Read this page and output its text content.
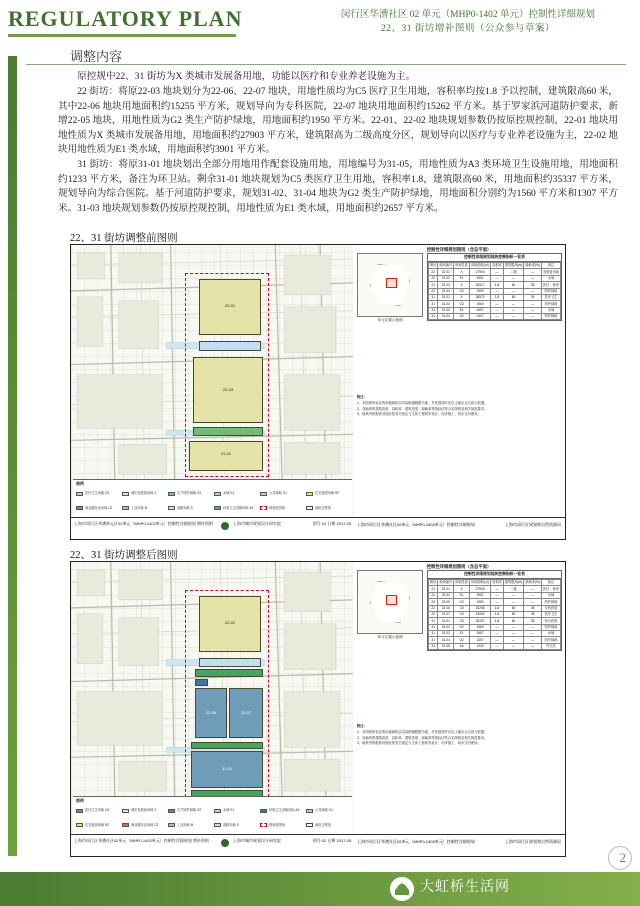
REGULATORY PLAN	闵行区华漕社区 02 单元（MHP0-1402 单元）控制性详细规划
22、31 街坊增补图则（公众参与草案）
调整内容

原控规中22、31 街坊为X 类城市发展备用地，功能以医疗和专业养老设施为主。

22 街坊：将原22-03 地块划分为22-06、22-07 地块，用地性质均为C5 医疗卫生用地，容积率均按1.8 予以控制，建筑限高60 米，其中22-06 地块用地面积约15255 平方米，规划导向为专科医院，22-07 地块用地面积约15262 平方米。基于罗家浜河道防护要求，新增22-05 地块，用地性质为G2 类生产防护绿地，用地面积约1950 平方米。22-01、22-02 地块规划参数仍按原控规控制，22-01 地块用地性质为X 类城市发展备用地，用地面积约27903 平方米，建筑限高为二级高度分区，规划导向以医疗与专业养老设施为主，22-02 地块用地性质为E1 类水域，用地面积约3901 平方米。

31 街坊：将原31-01 地块划出全部分用地用作配套设施用地，用地编号为31-05，用地性质为A3 类环境卫生设施用地，用地面积约1233 平方米，备注为环卫站。剩余31-01 地块规划为C5 类医疗卫生用地，容积率1.8，建筑限高60 米，用地面积约35337 平方米，规划导向为综合医院。基于河道防护要求，规划31-02、31-04 地块为G2 类生产防护绿地，用地面积分别约为1560 平方米和1307 平方米。31-03 地块规划参数仍按原控规控制，用地性质为E1 类水域，用地面积约2657 平方米。

22、31 街坊调整前图则
22-01
22-03
31-01
图例
医疗卫生用地 C5	城市发展备用地 X	生产防护绿地 G2	水域 E1	公共绿地 G1	住宅组团用地 R2
商业服务业用地 C2	工业用地 M	道路用地 S	环境卫生设施用地 A3	规划范围线	地块边界线
上海市闵行区华漕单元区02单元（MHP0-1402单元）控制性详细规划 增补图则	上海市城市规划设计研究院	图号 01 日期 2017.05
控制性详细规划图则（含总平面）
单元位置示意图
控制性详细规划地块控制指标一览表
街坊	地块编号	用地性质	用地面积(㎡)	容积率	建筑限高(m)	绿地率(%)	备注
22	22-01	X	27903	—	二级	—	发展备用地
22	22-02	E1	3901	—	—	—	水域
22	22-03	X	30517	1.8	60	35	医疗、养老
22	22-04	G2	1950	—	—	—	防护绿地
31	31-01	X	36570	1.8	60	35	医疗卫生
31	31-02	G2	1560	—	—	—	防护绿地
31	31-03	E1	2657	—	—	—	水域
31	31-04	G2	1307	—	—	—	防护绿地
附注：

1、本图则所标注的用地面积以实际勘测数据为准，开发建设时应以土地出让合同为依据。

2、各地块的建筑高度、容积率、建筑密度、绿地率等指标应符合本图则及相关规范要求。

3、地块内的配套设施应按有关规定与主体工程同步设计、同步施工、同步交付使用。

上海市闵行区华漕社区02单元（MHP0-1402单元）控制性详细规划	上海市闵行区规划和自然资源局
22、31 街坊调整后图则
22-01
22-06	22-07
31-01
图例
医疗卫生用地 C5	城市发展备用地 X	生产防护绿地 G2	水域 E1	环境卫生设施用地 A3	公共绿地 G1
住宅组团用地 R2	商业服务业用地 C2	工业用地 M	道路用地 S	规划范围线	地块边界线
上海市闵行区华漕社区02单元（MHP0-1402单元）控制性详细规划 增补图则	上海市城市规划设计研究院	图号 02 日期 2017.05
控制性详细规划图则（含总平面）
单元位置示意图
控制性详细规划地块控制指标一览表
街坊	地块编号	用地性质	用地面积(㎡)	容积率	建筑限高(m)	绿地率(%)	备注
22	22-01	X	27903	—	二级	—	医疗、养老
22	22-02	E1	3901	—	—	—	水域
22	22-05	G2	1950	—	—	—	防护绿地
22	22-06	C5	15255	1.8	60	35	专科医院
22	22-07	C5	15262	1.8	60	35	医疗卫生
31	31-01	C5	35337	1.8	60	35	综合医院
31	31-02	G2	1560	—	—	—	防护绿地
31	31-03	E1	2657	—	—	—	水域
31	31-04	G2	1307	—	—	—	防护绿地
31	31-05	A3	1233	—	—	—	环卫站
附注：

1、本图则所标注的用地面积以实际勘测数据为准，开发建设时应以土地出让合同为依据。

2、各地块的建筑高度、容积率、建筑密度、绿地率等指标应符合本图则及相关规范要求。

3、地块内的配套设施应按有关规定与主体工程同步设计、同步施工、同步交付使用。

上海市闵行区华漕社区02单元（MHP0-1402单元）控制性详细规划	上海市闵行区规划和自然资源局
2
大虹桥生活网
